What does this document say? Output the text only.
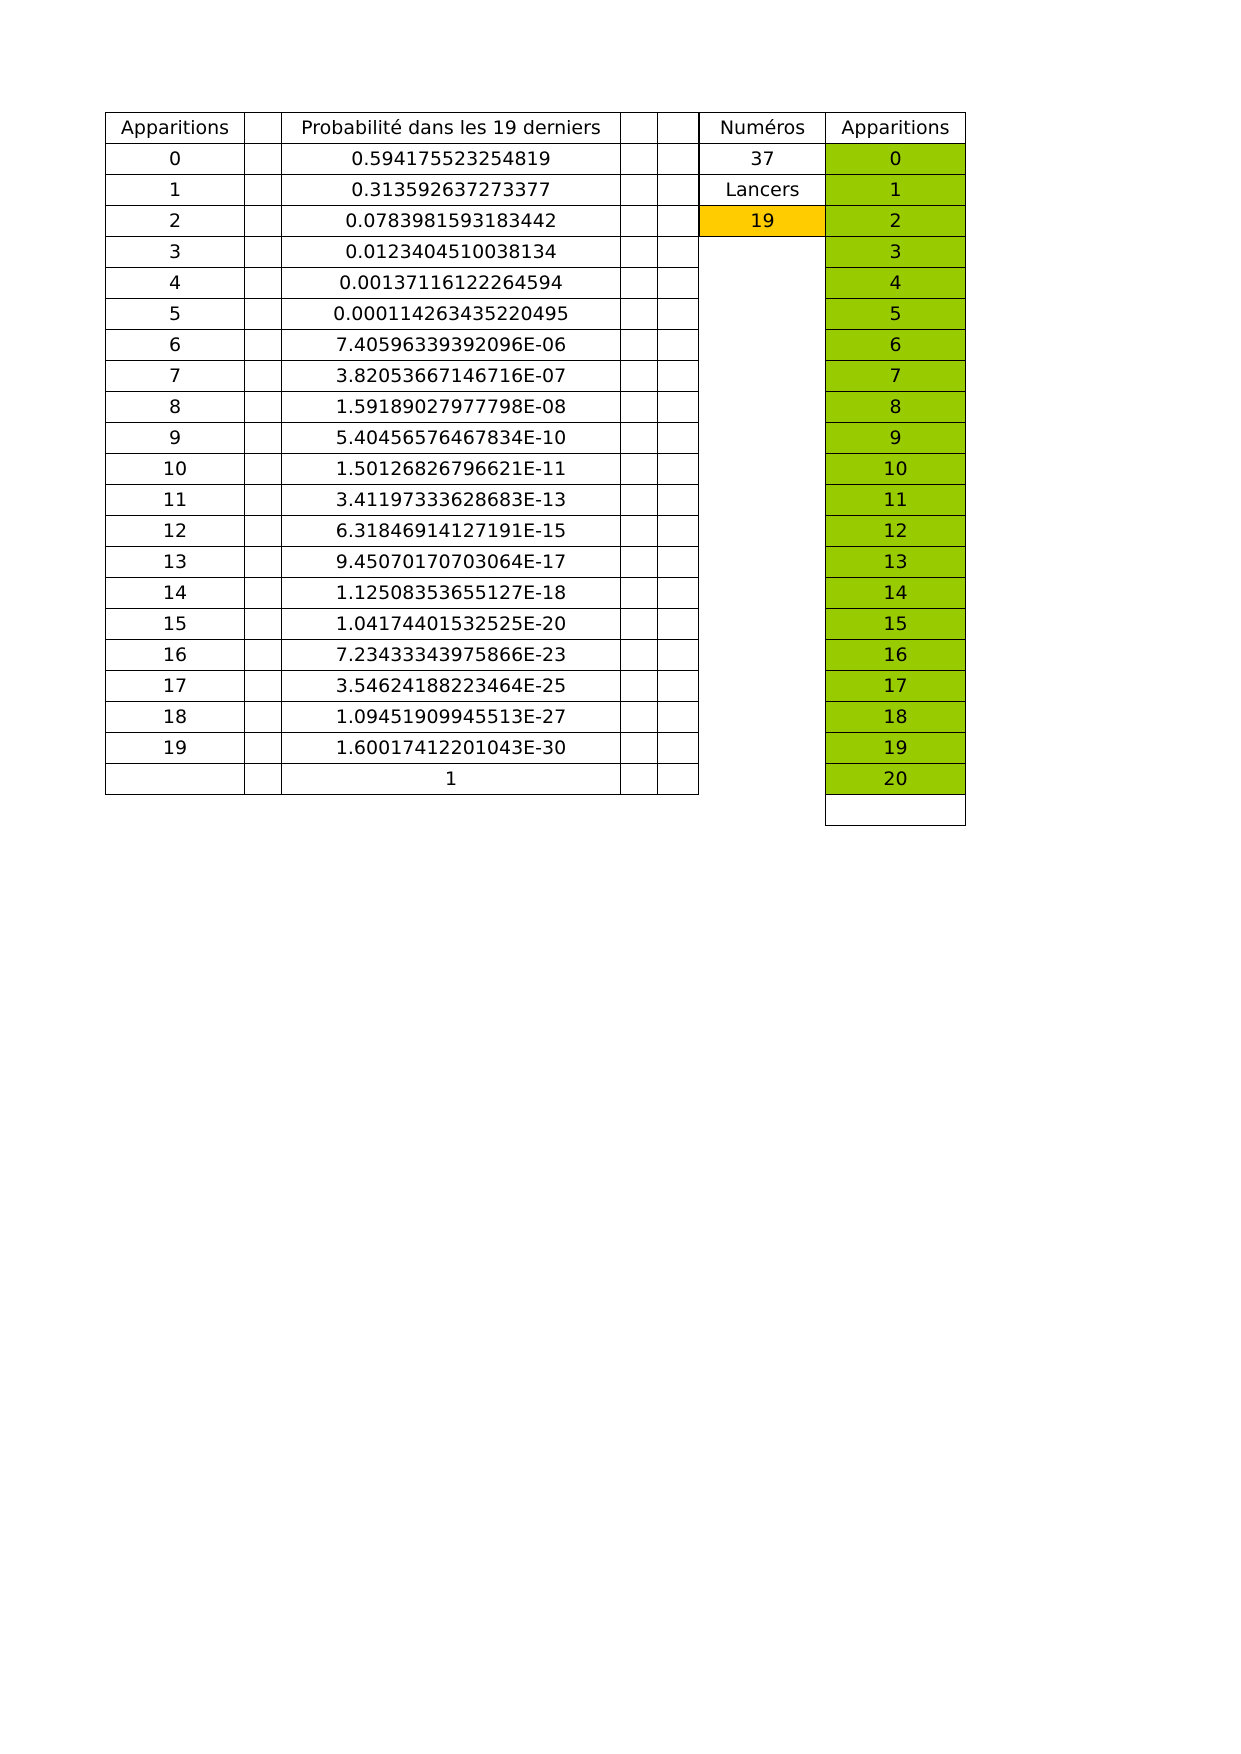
Apparitions		Probabilité dans les 19 derniers		
0		0.594175523254819		
1		0.313592637273377		
2		0.0783981593183442		
3		0.0123404510038134		
4		0.00137116122264594		
5		0.000114263435220495		
6		7.40596339392096E-06		
7		3.82053667146716E-07		
8		1.59189027977798E-08		
9		5.40456576467834E-10		
10		1.50126826796621E-11		
11		3.41197333628683E-13		
12		6.31846914127191E-15		
13		9.45070170703064E-17		
14		1.12508353655127E-18		
15		1.04174401532525E-20		
16		7.23433343975866E-23		
17		3.54624188223464E-25		
18		1.09451909945513E-27		
19		1.60017412201043E-30		
		1		
Numéros	Apparitions
37	0
Lancers	1
19	2
	3
	4
	5
	6
	7
	8
	9
	10
	11
	12
	13
	14
	15
	16
	17
	18
	19
	20
